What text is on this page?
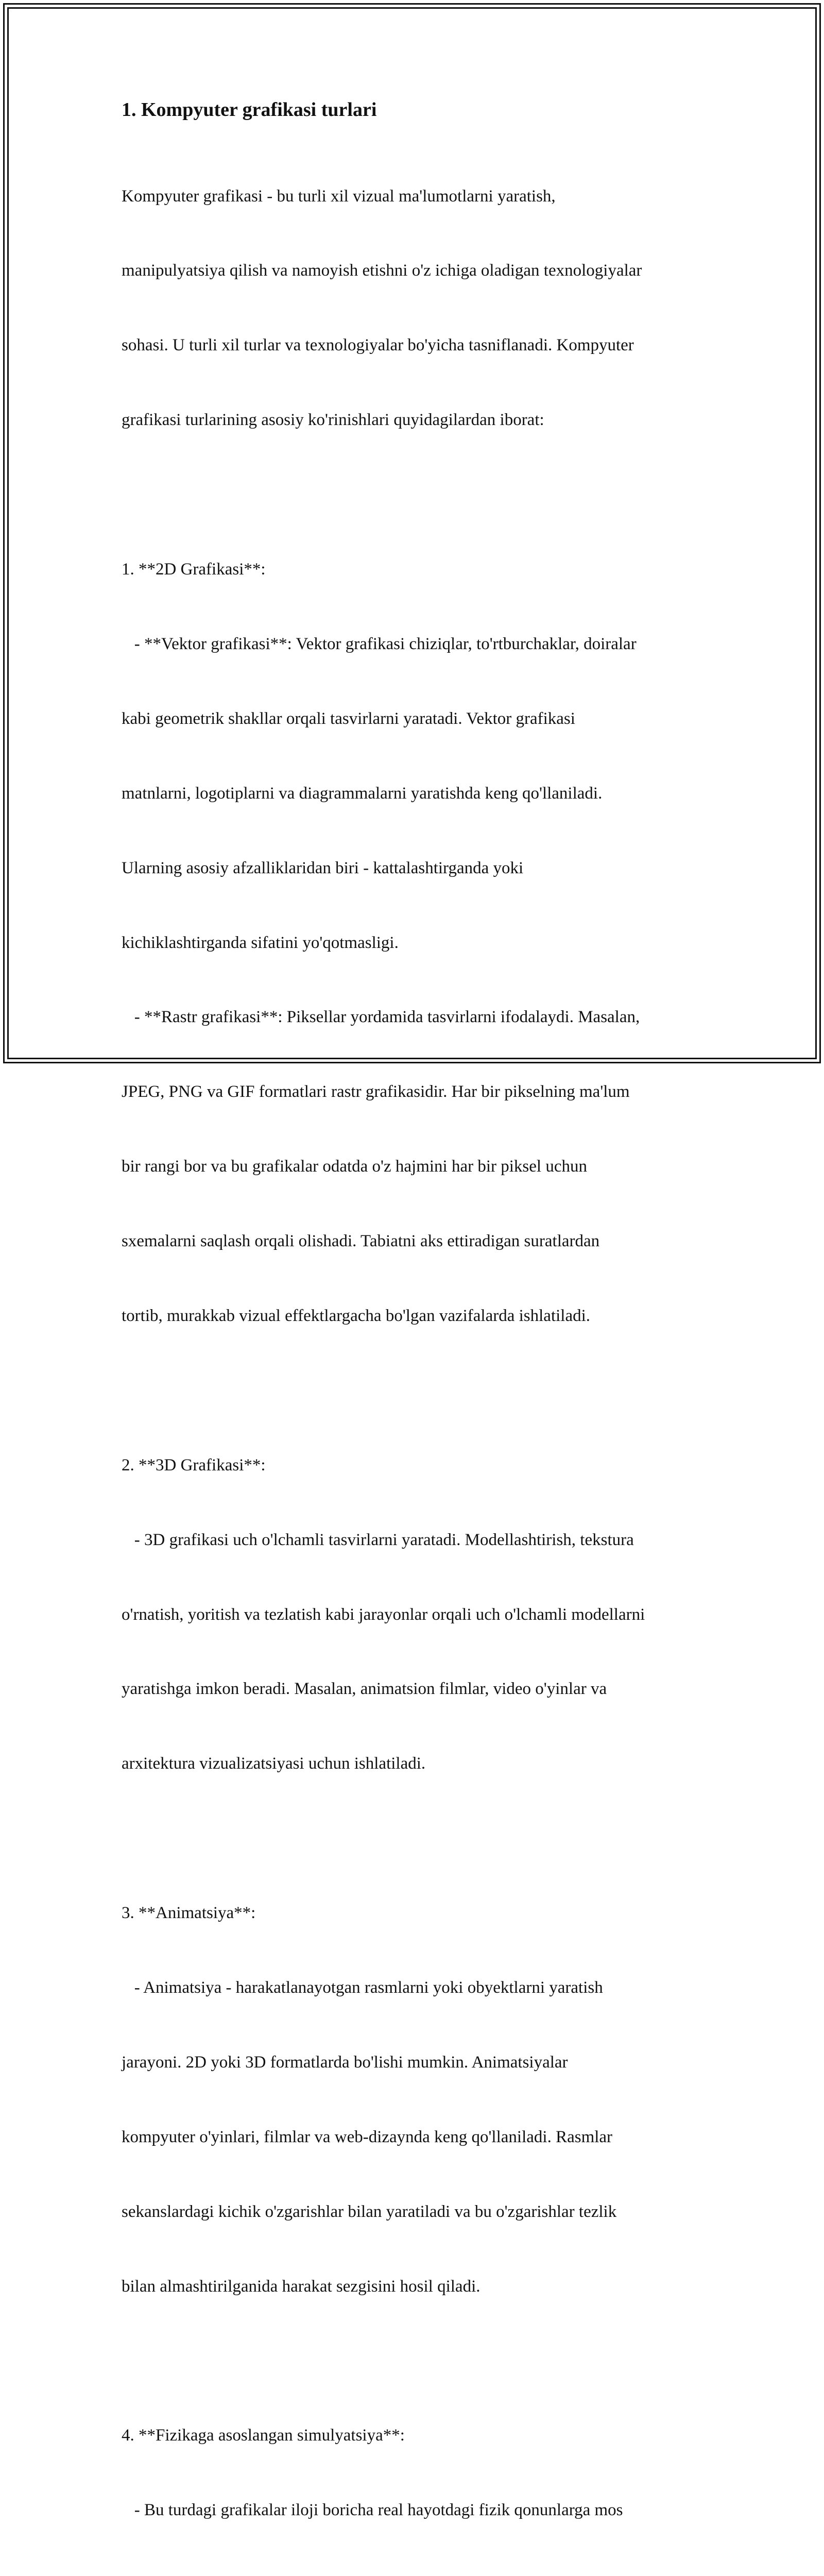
1. Kompyuter grafikasi turlari

Kompyuter grafikasi - bu turli xil vizual ma'lumotlarni yaratish,

manipulyatsiya qilish va namoyish etishni o'z ichiga oladigan texnologiyalar

sohasi. U turli xil turlar va texnologiyalar bo'yicha tasniflanadi. Kompyuter

grafikasi turlarining asosiy ko'rinishlari quyidagilardan iborat:

1. **2D Grafikasi**:

- **Vektor grafikasi**: Vektor grafikasi chiziqlar, to'rtburchaklar, doiralar

kabi geometrik shakllar orqali tasvirlarni yaratadi. Vektor grafikasi

matnlarni, logotiplarni va diagrammalarni yaratishda keng qo'llaniladi.

Ularning asosiy afzalliklaridan biri - kattalashtirganda yoki

kichiklashtirganda sifatini yo'qotmasligi.

- **Rastr grafikasi**: Piksellar yordamida tasvirlarni ifodalaydi. Masalan,

JPEG, PNG va GIF formatlari rastr grafikasidir. Har bir pikselning ma'lum

bir rangi bor va bu grafikalar odatda o'z hajmini har bir piksel uchun

sxemalarni saqlash orqali olishadi. Tabiatni aks ettiradigan suratlardan

tortib, murakkab vizual effektlargacha bo'lgan vazifalarda ishlatiladi.

2. **3D Grafikasi**:

- 3D grafikasi uch o'lchamli tasvirlarni yaratadi. Modellashtirish, tekstura

o'rnatish, yoritish va tezlatish kabi jarayonlar orqali uch o'lchamli modellarni

yaratishga imkon beradi. Masalan, animatsion filmlar, video o'yinlar va

arxitektura vizualizatsiyasi uchun ishlatiladi.

3. **Animatsiya**:

- Animatsiya - harakatlanayotgan rasmlarni yoki obyektlarni yaratish

jarayoni. 2D yoki 3D formatlarda bo'lishi mumkin. Animatsiyalar

kompyuter o'yinlari, filmlar va web-dizaynda keng qo'llaniladi. Rasmlar

sekanslardagi kichik o'zgarishlar bilan yaratiladi va bu o'zgarishlar tezlik

bilan almashtirilganida harakat sezgisini hosil qiladi.

4. **Fizikaga asoslangan simulyatsiya**:

- Bu turdagi grafikalar iloji boricha real hayotdagi fizik qonunlarga mos
